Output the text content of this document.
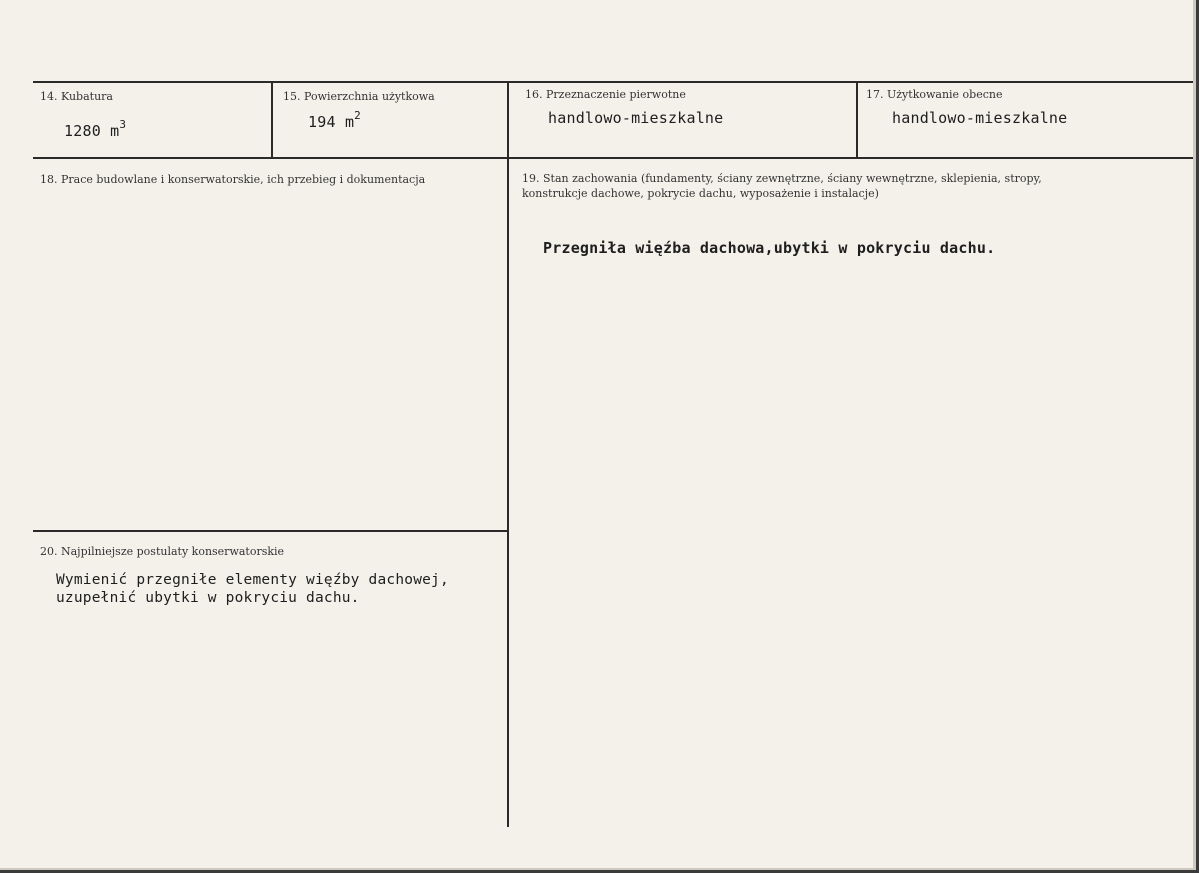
14. Kubatura
1280 $m^3$
15. Powierzchnia użytkowa
194 $m^2$
16. Przeznaczenie pierwotne
handlowo-mieszkalne
17. Użytkowanie obecne
handlowo-mieszkalne
18. Prace budowlane i konserwatorskie, ich przebieg i dokumentacja	19. Stan zachowania (fundamenty, ściany zewnętrzne, ściany wewnętrzne, sklepienia, stropy,
konstrukcje dachowe, pokrycie dachu, wyposażenie i instalacje)
Przegniła więźba dachowa,ubytki w pokryciu dachu.
20. Najpilniejsze postulaty konserwatorskie
Wymienić przegniłe elementy więźby dachowej,
uzupełnić ubytki w pokryciu dachu.
